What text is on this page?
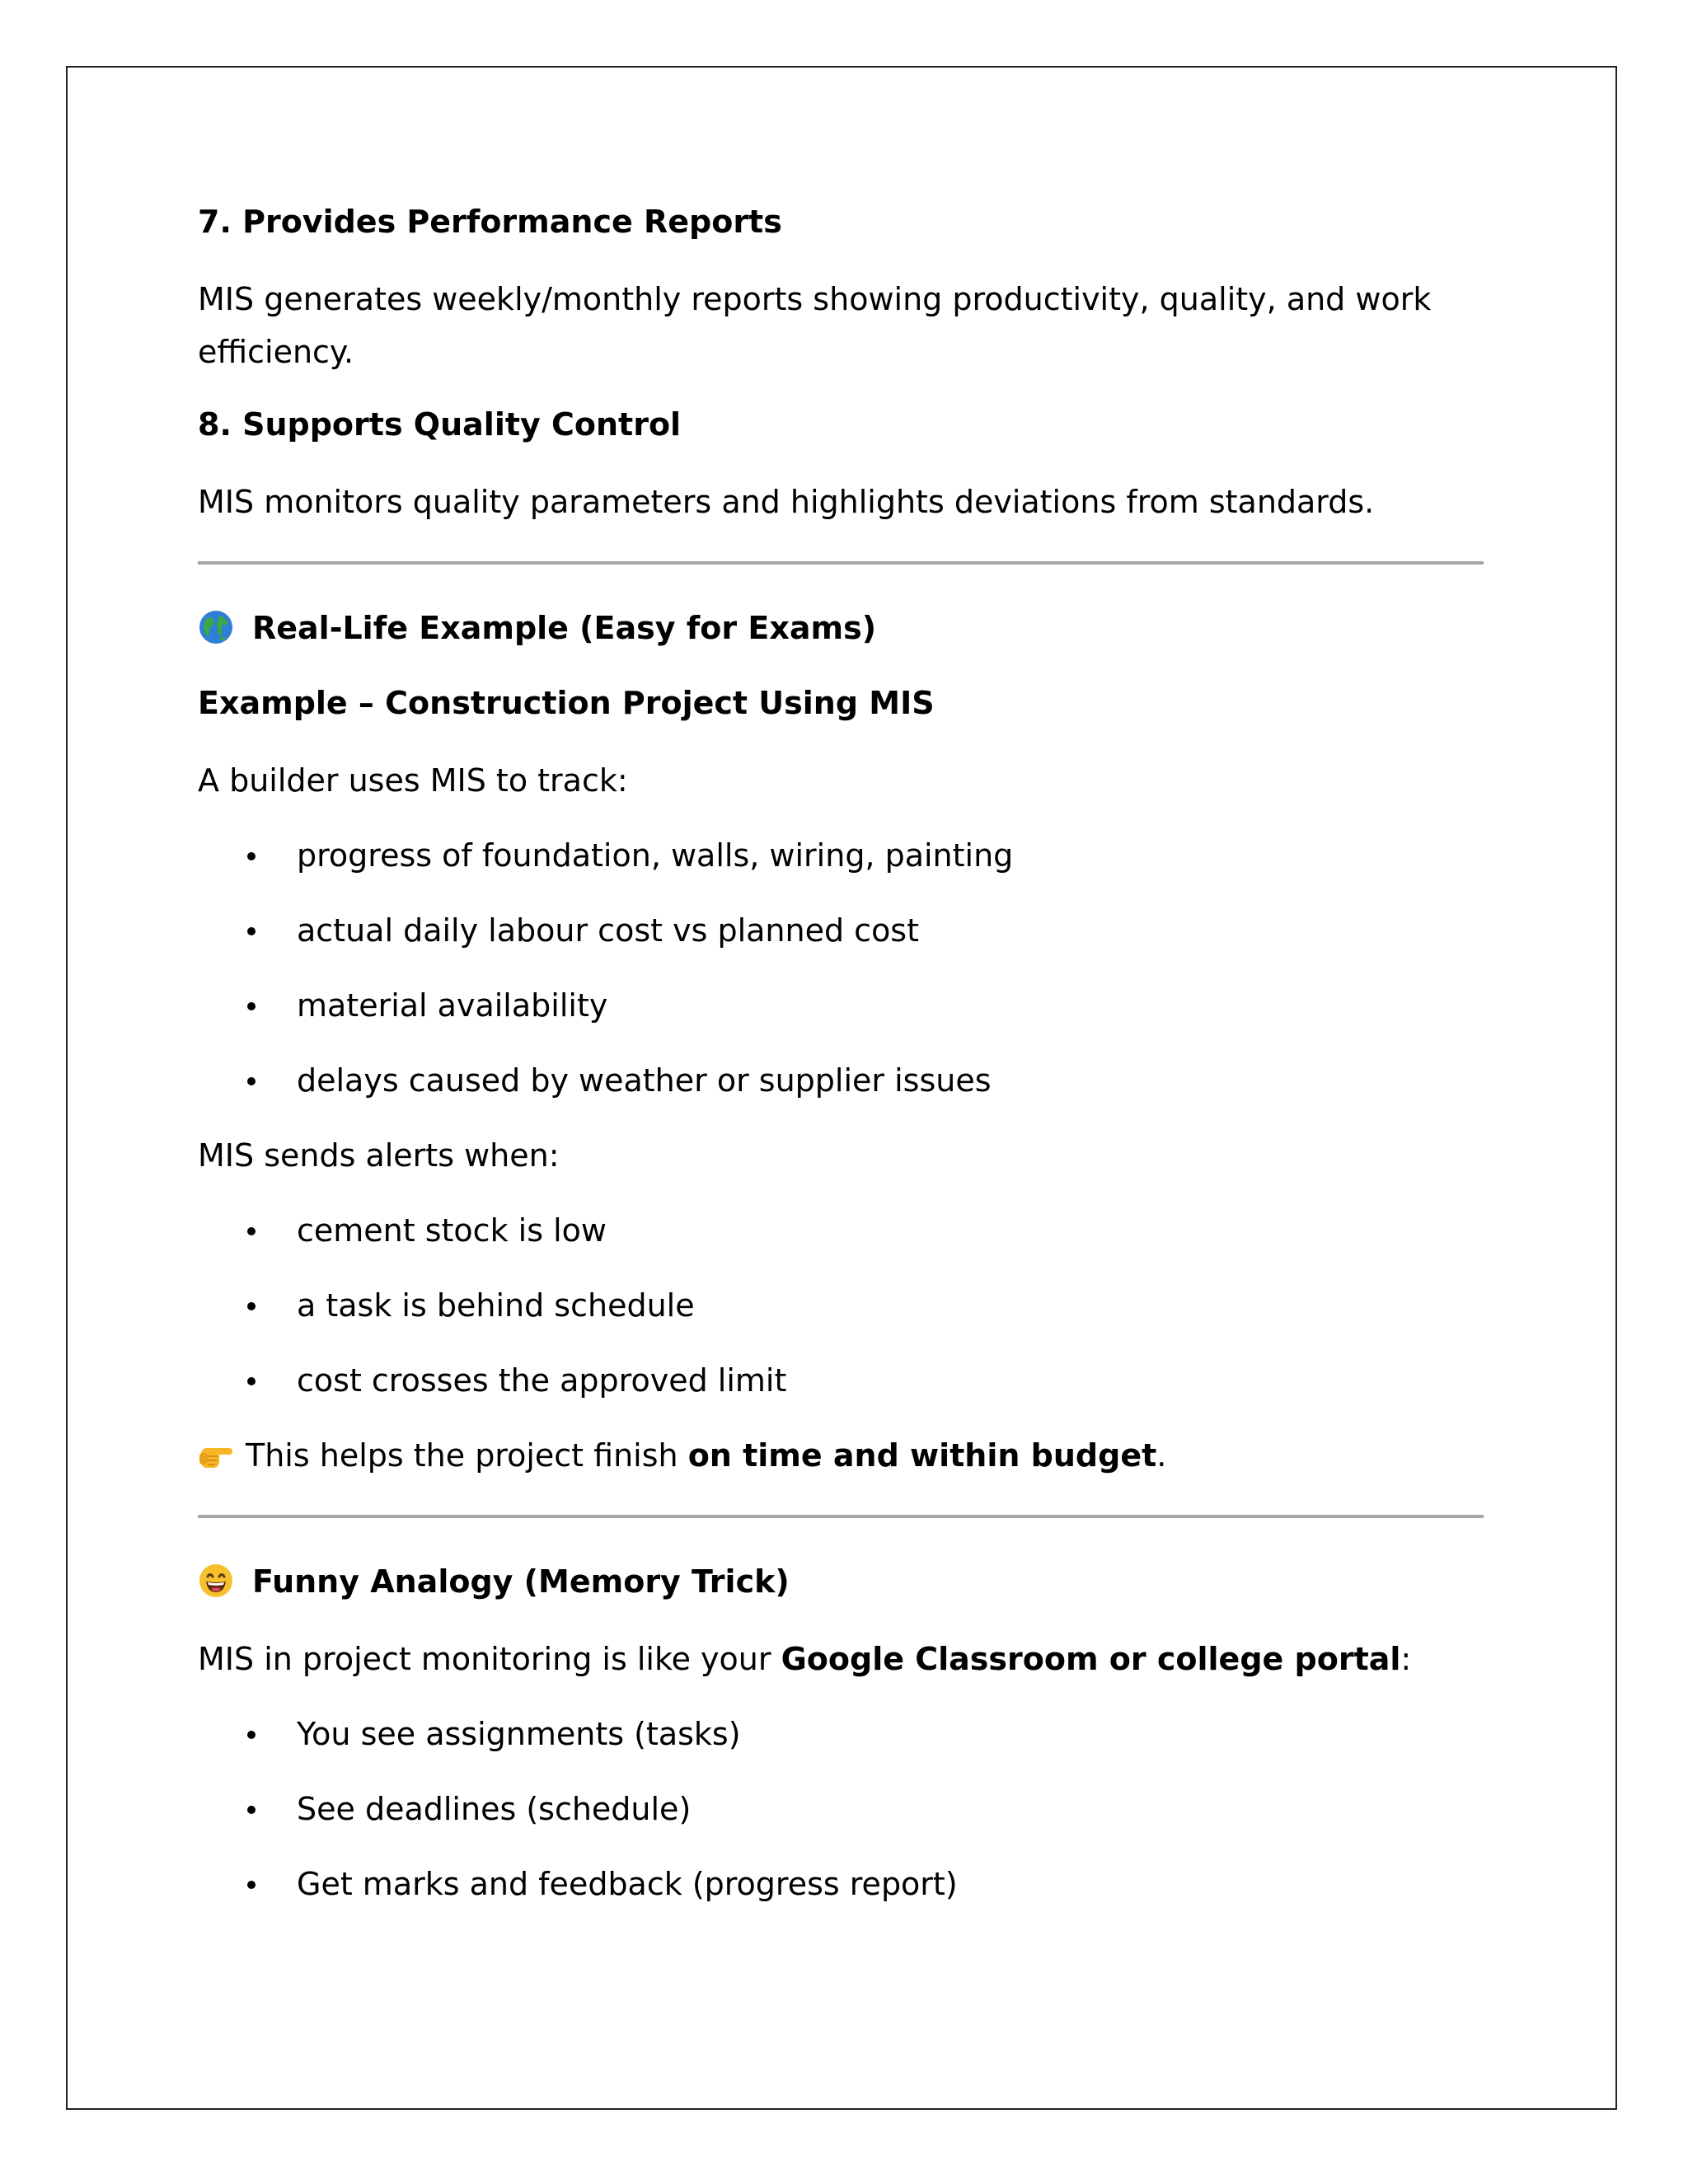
7. Provides Performance Reports
MIS generates weekly/monthly reports showing productivity, quality, and work efficiency.
8. Supports Quality Control
MIS monitors quality parameters and highlights deviations from standards.
Real-Life Example (Easy for Exams)
Example – Construction Project Using MIS
A builder uses MIS to track:
progress of foundation, walls, wiring, painting
actual daily labour cost vs planned cost
material availability
delays caused by weather or supplier issues
MIS sends alerts when:
cement stock is low
a task is behind schedule
cost crosses the approved limit
This helps the project finish on time and within budget.
Funny Analogy (Memory Trick)
MIS in project monitoring is like your Google Classroom or college portal:
You see assignments (tasks)
See deadlines (schedule)
Get marks and feedback (progress report)
